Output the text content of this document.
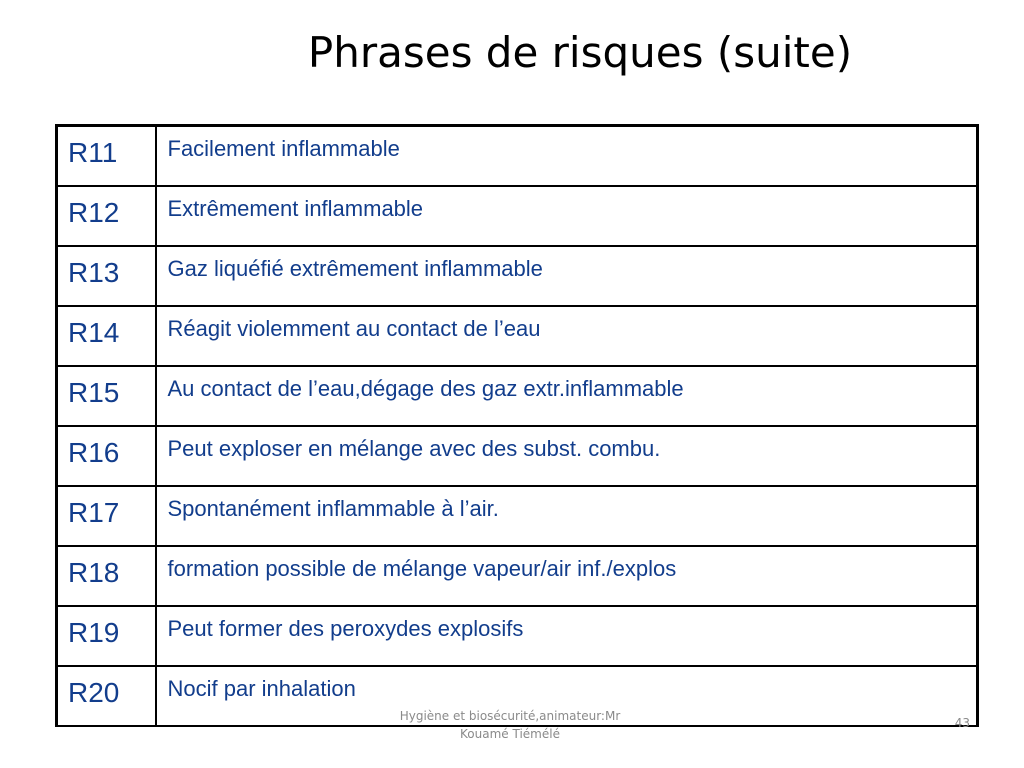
Phrases de risques (suite)
R11	Facilement inflammable
R12	Extrêmement inflammable
R13	Gaz liquéfié extrêmement inflammable
R14	Réagit violemment au contact de l’eau
R15	Au contact de l’eau,dégage des gaz extr.inflammable
R16	Peut exploser en mélange avec des subst. combu.
R17	Spontanément inflammable à l’air.
R18	formation possible de mélange vapeur/air inf./explos
R19	Peut former des peroxydes explosifs
R20	Nocif par inhalation
Hygiène et biosécurité,animateur:Mr
Kouamé Tiémélé
43
